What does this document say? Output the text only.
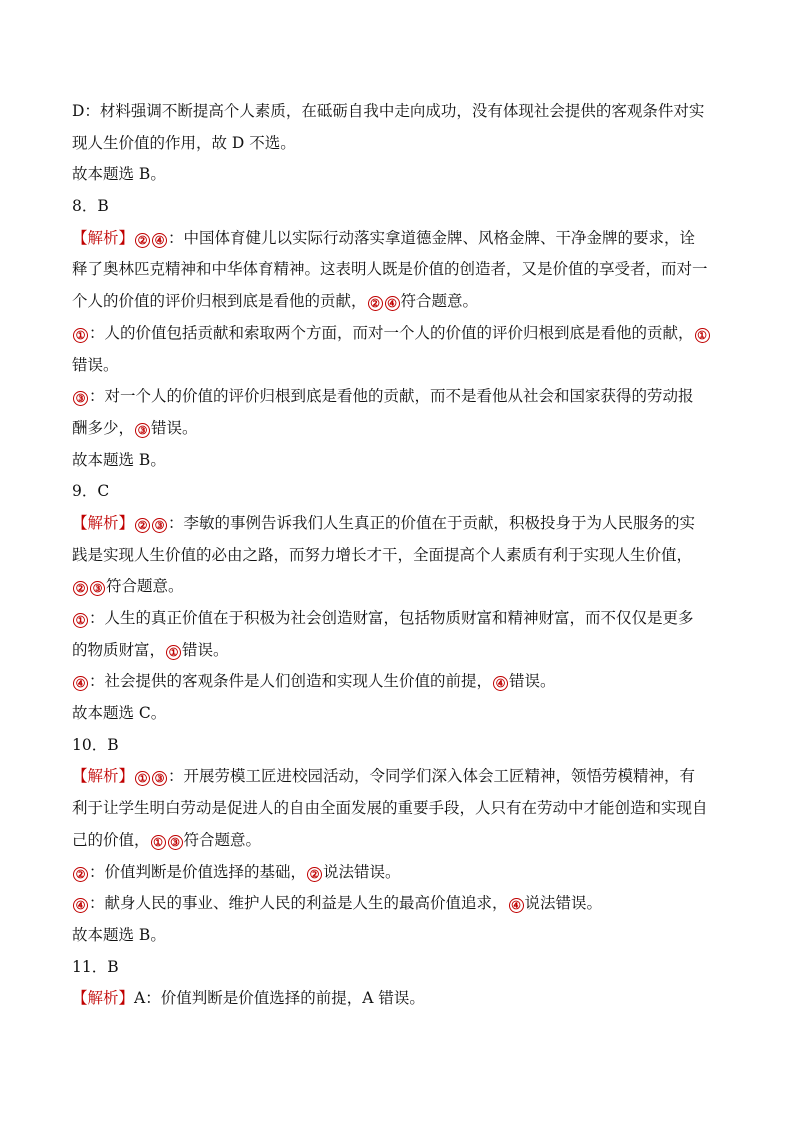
D：材料强调不断提高个人素质，在砥砺自我中走向成功，没有体现社会提供的客观条件对实
现人生价值的作用，故 D 不选。
故本题选 B。
8．B
【解析】 ② ④ ：中国体育健儿以实际行动落实拿道德金牌、风格金牌、干净金牌的要求，诠
释了奥林匹克精神和中华体育精神。这表明人既是价值的创造者，又是价值的享受者，而对一
个人的价值的评价归根到底是看他的贡献， ② ④ 符合题意。
① ：人的价值包括贡献和索取两个方面，而对一个人的价值的评价归根到底是看他的贡献， ①
错误。
③ ：对一个人的价值的评价归根到底是看他的贡献，而不是看他从社会和国家获得的劳动报
酬多少， ③ 错误。
故本题选 B。
9．C
【解析】 ② ③ ：李敏的事例告诉我们人生真正的价值在于贡献，积极投身于为人民服务的实
践是实现人生价值的必由之路，而努力增长才干，全面提高个人素质有利于实现人生价值，
② ③ 符合题意。
① ：人生的真正价值在于积极为社会创造财富，包括物质财富和精神财富，而不仅仅是更多
的物质财富， ① 错误。
④ ：社会提供的客观条件是人们创造和实现人生价值的前提， ④ 错误。
故本题选 C。
10．B
【解析】 ① ③ ：开展劳模工匠进校园活动，令同学们深入体会工匠精神，领悟劳模精神，有
利于让学生明白劳动是促进人的自由全面发展的重要手段，人只有在劳动中才能创造和实现自
己的价值， ① ③ 符合题意。
② ：价值判断是价值选择的基础， ② 说法错误。
④ ：献身人民的事业、维护人民的利益是人生的最高价值追求， ④ 说法错误。
故本题选 B。
11．B
【解析】A：价值判断是价值选择的前提，A 错误。
